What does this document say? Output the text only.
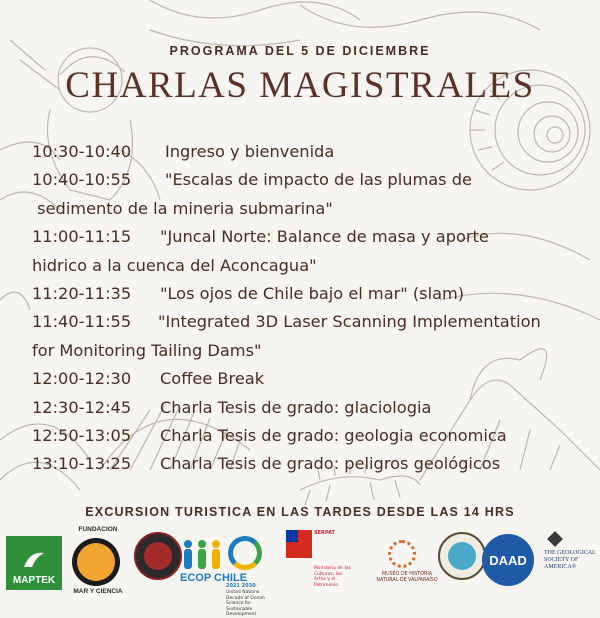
PROGRAMA DEL 5 DE DICIEMBRE
CHARLAS MAGISTRALES
10:30-10:40 Ingreso y bienvenida
10:40-10:55 "Escalas de impacto de las plumas de
sedimento de la mineria submarina"
11:00-11:15 "Juncal Norte: Balance de masa y aporte
hidrico a la cuenca del Aconcagua"
11:20-11:35 "Los ojos de Chile bajo el mar" (slam)
11:40-11:55 "Integrated 3D Laser Scanning Implementation
for Monitoring Tailing Dams"
12:00-12:30 Coffee Break
12:30-12:45 Charla Tesis de grado: glaciologia
12:50-13:05 Charla Tesis de grado: geologia economica
13:10-13:25 Charla Tesis de grado: peligros geológicos
EXCURSION TURISTICA EN LAS TARDES DESDE LAS 14 HRS
MAPTEK
FUNDACION
MAR Y CIENCIA
ECOP CHILE
2021 2030
United Nations Decade of Ocean Science for Sustainable Development
SERPAT
Ministerio de las Culturas, las Artes y el Patrimonio
MUSEO DE HISTORIA NATURAL DE VALPARAÍSO
DAAD	THE GEOLOGICAL SOCIETY OF AMERICA®
